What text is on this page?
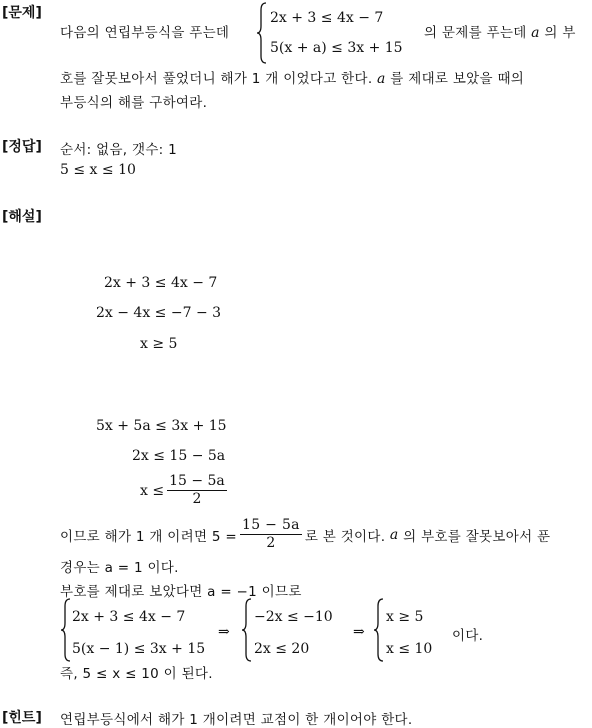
[문제]
다음의 연립부등식을 푸는데
2x + 3 ≤ 4x − 7
5(x + a) ≤ 3x + 15
의 문제를 푸는데 a 의 부
호를 잘못보아서 풀었더니 해가 1 개 이었다고 한다. a 를 제대로 보았을 때의
부등식의 해를 구하여라.
[정답] 순서: 없음, 갯수: 1
5 ≤ x ≤ 10
[해설]
2x + 3 ≤ 4x − 7
2x − 4x ≤ −7 − 3
x ≥ 5
5x + 5a ≤ 3x + 15
2x ≤ 15 − 5a
$x \le \frac{15 - 5a}{2}$
이므로 해가 1 개 이려면 $5 = \frac{15 - 5a}{2}$ 로 본 것이다.
a
의 부호를 잘못보아서 푼
경우는 a = 1 이다.
부호를 제대로 보았다면 a = −1 이므로
2x + 3 ≤ 4x − 7
5(x − 1) ≤ 3x + 15
⇒
−2x ≤ −10
2x ≤ 20
⇒
x ≥ 5
x ≤ 10
이다.
즉, 5 ≤ x ≤ 10 이 된다.
[힌트] 연립부등식에서 해가 1 개이려면 교점이 한 개이어야 한다.
